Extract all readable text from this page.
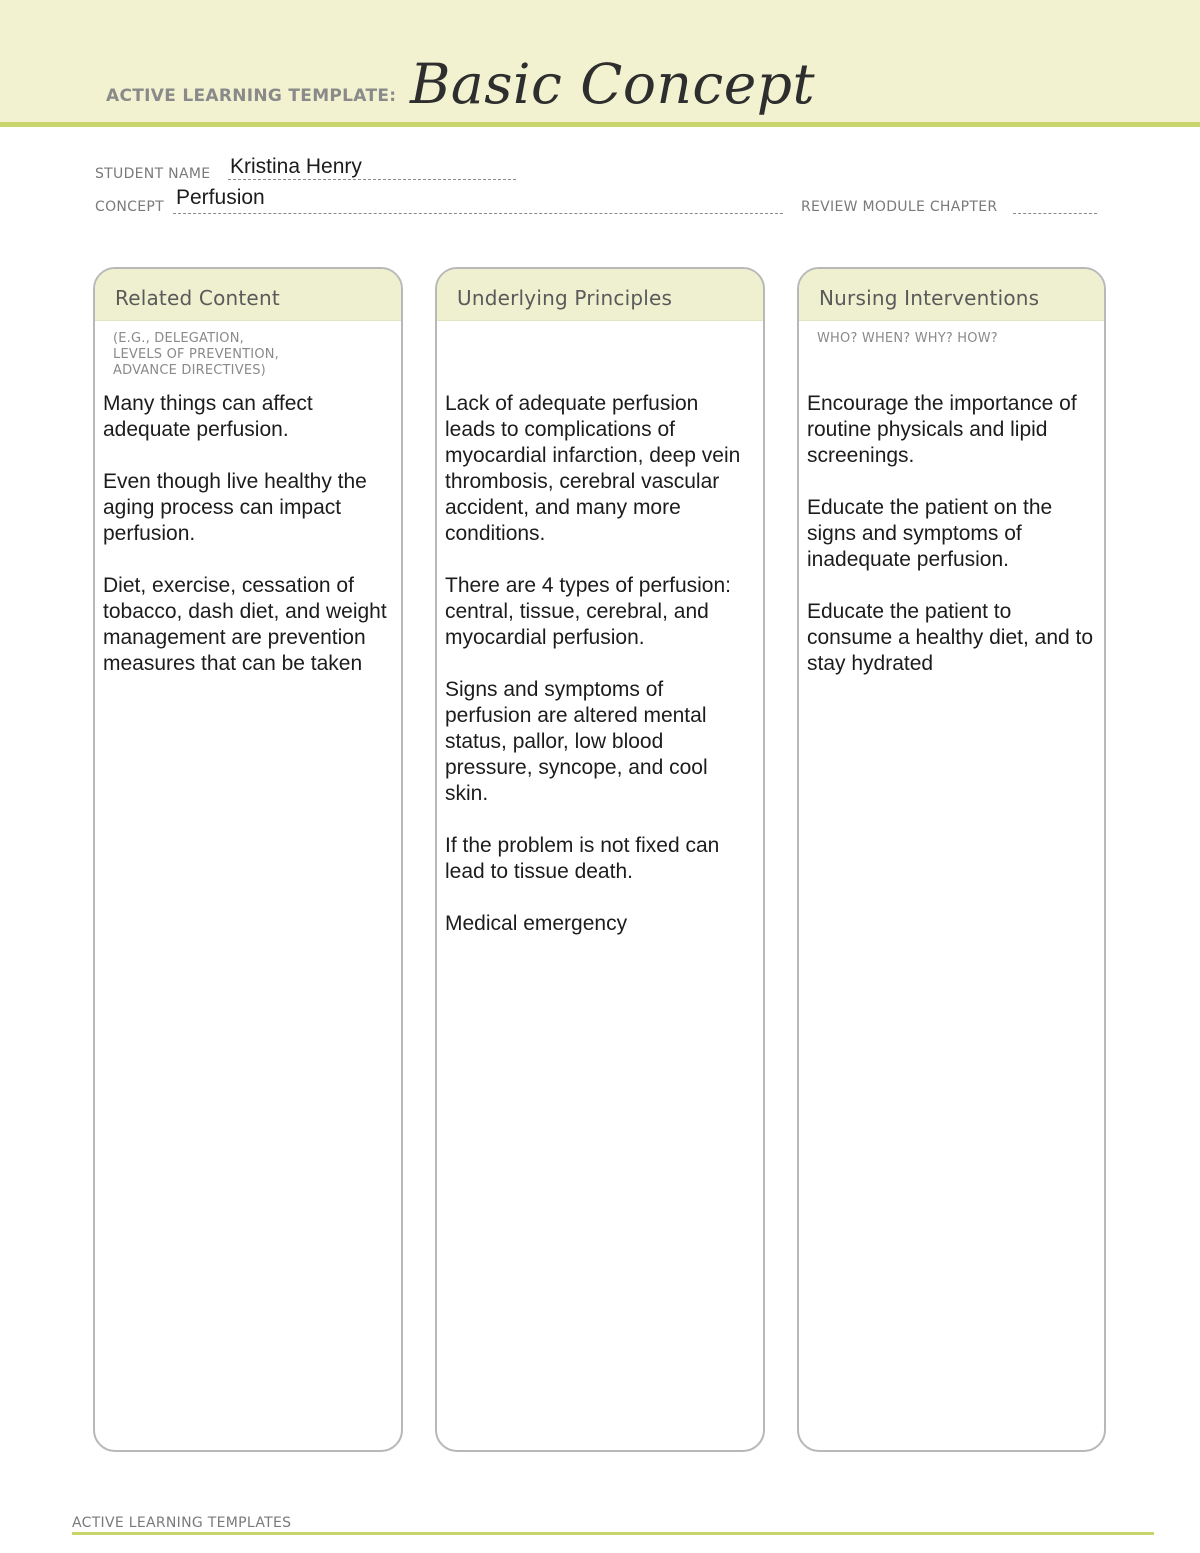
ACTIVE LEARNING TEMPLATE: Basic Concept
STUDENT NAME Kristina Henry
CONCEPT Perfusion	REVIEW MODULE CHAPTER
Related Content
(E.G., DELEGATION,
LEVELS OF PREVENTION,
ADVANCE DIRECTIVES)

Many things can affect adequate perfusion.

Even though live healthy the aging process can impact perfusion.

Diet, exercise, cessation of tobacco, dash diet, and weight management are prevention measures that can be taken

Underlying Principles

Lack of adequate perfusion leads to complications of myocardial infarction, deep vein thrombosis, cerebral vascular accident, and many more conditions.

There are 4 types of perfusion: central, tissue, cerebral, and myocardial perfusion.

Signs and symptoms of perfusion are altered mental status, pallor, low blood pressure, syncope, and cool skin.

If the problem is not fixed can lead to tissue death.

Medical emergency

Nursing Interventions
WHO? WHEN? WHY? HOW?

Encourage the importance of routine physicals and lipid screenings.

Educate the patient on the signs and symptoms of inadequate perfusion.

Educate the patient to consume a healthy diet, and to stay hydrated

ACTIVE LEARNING TEMPLATES
